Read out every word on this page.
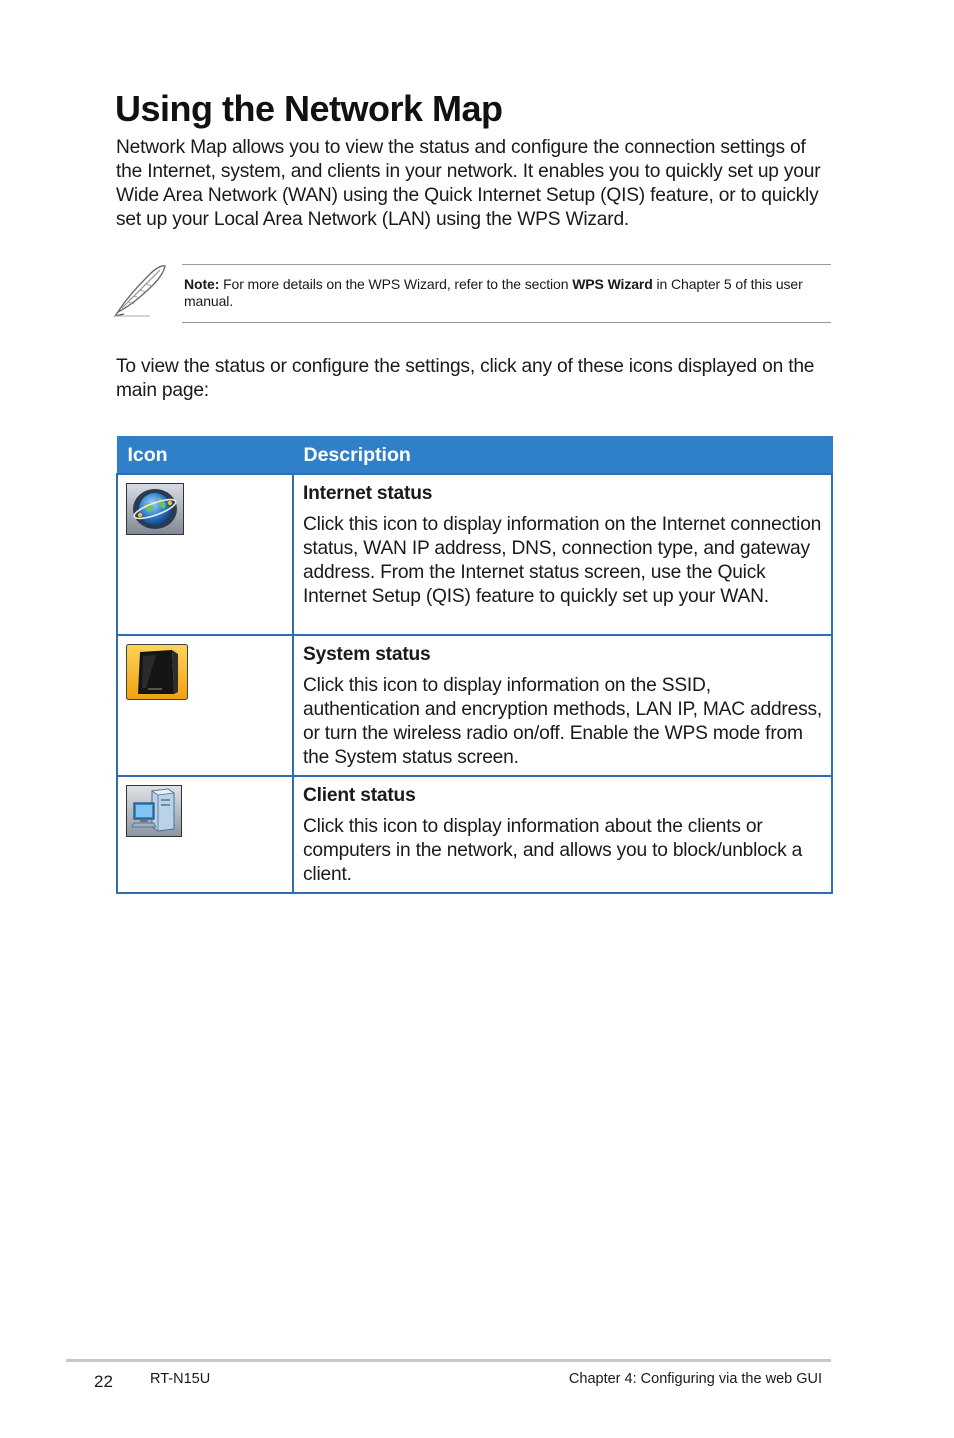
Using the Network Map

Network Map allows you to view the status and configure the connection settings of the Internet, system, and clients in your network. It enables you to quickly set up your Wide Area Network (WAN) using the Quick Internet Setup (QIS) feature, or to quickly set up your Local Area Network (LAN) using the WPS Wizard.

Note: For more details on the WPS Wizard, refer to the section WPS Wizard in Chapter 5 of this user manual.

To view the status or configure the settings, click any of these icons displayed on the main page:

Icon	Description

Internet status
Click this icon to display information on the Internet connection status, WAN IP address, DNS, connection type, and gateway address. From the Internet status screen, use the Quick Internet Setup (QIS) feature to quickly set up your WAN.

System status
Click this icon to display information on the SSID, authentication and encryption methods, LAN IP, MAC address, or turn the wireless radio on/off. Enable the WPS mode from the System status screen.

Client status
Click this icon to display information about the clients or computers in the network, and allows you to block/unblock a client.
22	RT-N15U	Chapter 4: Configuring via the web GUI
